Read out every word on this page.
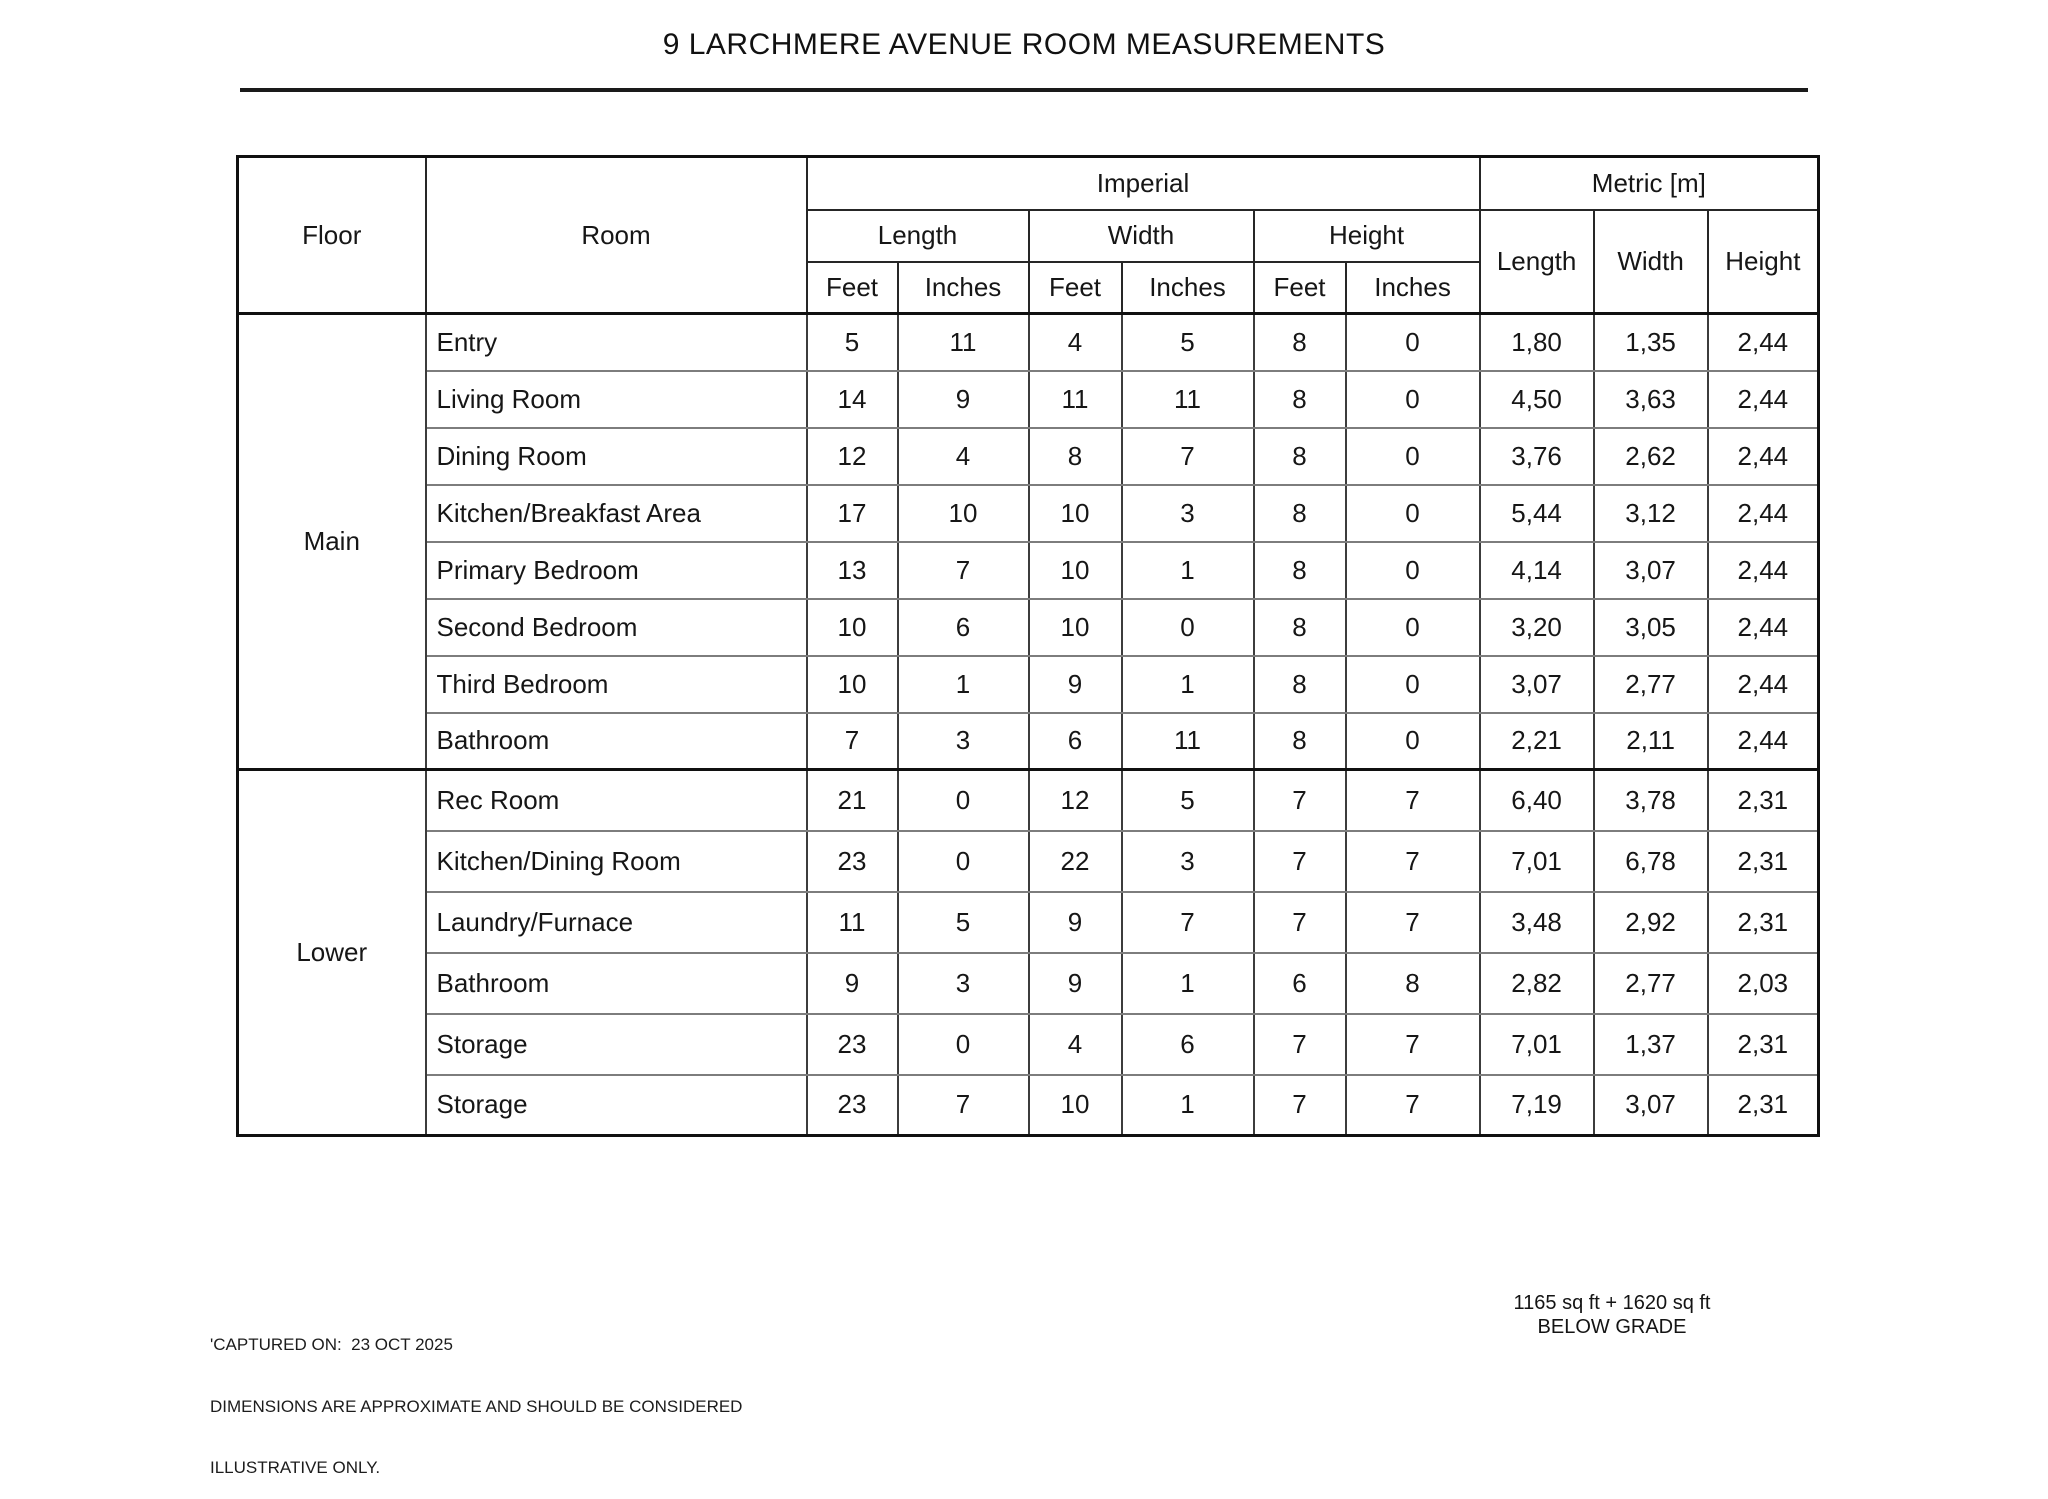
9 LARCHMERE AVENUE ROOM MEASUREMENTS
Floor	Room	Imperial						Metric [m]		
		Length		Width		Height		Length	Width	Height
		Feet	Inches	Feet	Inches	Feet	Inches			
Main	Entry	5	11	4	5	8	0	1,80	1,35	2,44
	Living Room	14	9	11	11	8	0	4,50	3,63	2,44
	Dining Room	12	4	8	7	8	0	3,76	2,62	2,44
	Kitchen/Breakfast Area	17	10	10	3	8	0	5,44	3,12	2,44
	Primary Bedroom	13	7	10	1	8	0	4,14	3,07	2,44
	Second Bedroom	10	6	10	0	8	0	3,20	3,05	2,44
	Third Bedroom	10	1	9	1	8	0	3,07	2,77	2,44
	Bathroom	7	3	6	11	8	0	2,21	2,11	2,44
Lower	Rec Room	21	0	12	5	7	7	6,40	3,78	2,31
	Kitchen/Dining Room	23	0	22	3	7	7	7,01	6,78	2,31
	Laundry/Furnace	11	5	9	7	7	7	3,48	2,92	2,31
	Bathroom	9	3	9	1	6	8	2,82	2,77	2,03
	Storage	23	0	4	6	7	7	7,01	1,37	2,31
	Storage	23	7	10	1	7	7	7,19	3,07	2,31

'CAPTURED ON:  23 OCT 2025

DIMENSIONS ARE APPROXIMATE AND SHOULD BE CONSIDERED

ILLUSTRATIVE ONLY.

1165 sq ft + 1620 sq ft
BELOW GRADE
